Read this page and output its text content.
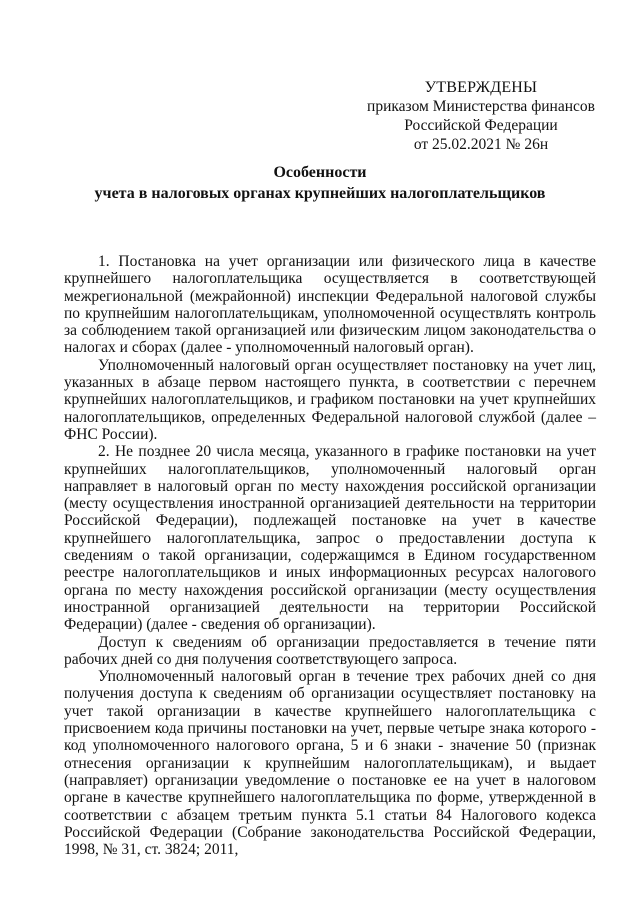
УТВЕРЖДЕНЫ
приказом Министерства финансов
Российской Федерации
от 25.02.2021 № 26н
Особенности
учета в налоговых органах крупнейших налогоплательщиков

1. Постановка на учет организации или физического лица в качестве крупнейшего налогоплательщика осуществляется в соответствующей межрегиональной (межрайонной) инспекции Федеральной налоговой службы по крупнейшим налогоплательщикам, уполномоченной осуществлять контроль за соблюдением такой организацией или физическим лицом законодательства о налогах и сборах (далее - уполномоченный налоговый орган).

Уполномоченный налоговый орган осуществляет постановку на учет лиц, указанных в абзаце первом настоящего пункта, в соответствии с перечнем крупнейших налогоплательщиков, и графиком постановки на учет крупнейших налогоплательщиков, определенных Федеральной налоговой службой (далее – ФНС России).

2. Не позднее 20 числа месяца, указанного в графике постановки на учет крупнейших налогоплательщиков, уполномоченный налоговый орган направляет в налоговый орган по месту нахождения российской организации (месту осуществления иностранной организацией деятельности на территории Российской Федерации), подлежащей постановке на учет в качестве крупнейшего налогоплательщика, запрос о предоставлении доступа к сведениям о такой организации, содержащимся в Едином государственном реестре налогоплательщиков и иных информационных ресурсах налогового органа по месту нахождения российской организации (месту осуществления иностранной организацией деятельности на территории Российской Федерации) (далее - сведения об организации).

Доступ к сведениям об организации предоставляется в течение пяти рабочих дней со дня получения соответствующего запроса.

Уполномоченный налоговый орган в течение трех рабочих дней со дня получения доступа к сведениям об организации осуществляет постановку на учет такой организации в качестве крупнейшего налогоплательщика с присвоением кода причины постановки на учет, первые четыре знака которого - код уполномоченного налогового органа, 5 и 6 знаки - значение 50 (признак отнесения организации к крупнейшим налогоплательщикам), и выдает (направляет) организации уведомление о постановке ее на учет в налоговом органе в качестве крупнейшего налогоплательщика по форме, утвержденной в соответствии с абзацем третьим пункта 5.1 статьи 84 Налогового кодекса Российской Федерации (Собрание законодательства Российской Федерации, 1998, № 31, ст. 3824; 2011,
